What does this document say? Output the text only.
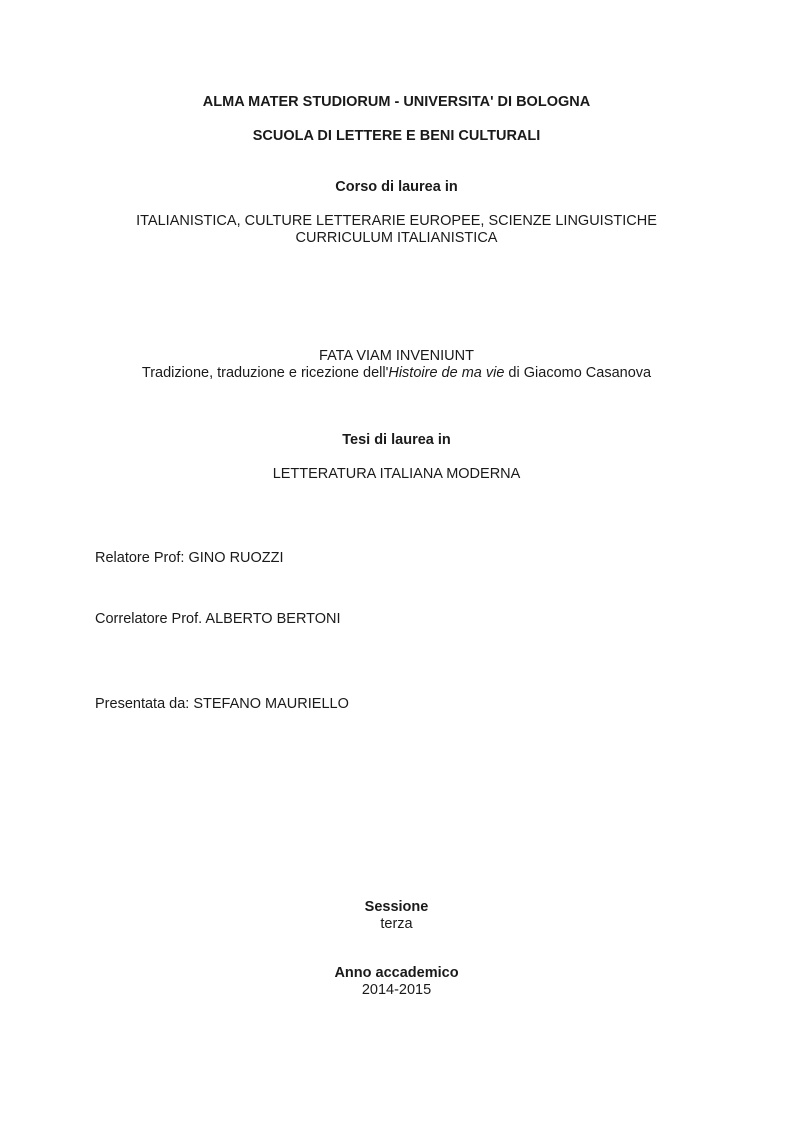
ALMA MATER STUDIORUM - UNIVERSITA' DI BOLOGNA
SCUOLA DI LETTERE E BENI CULTURALI
Corso di laurea in
ITALIANISTICA, CULTURE LETTERARIE EUROPEE, SCIENZE LINGUISTICHE
CURRICULUM ITALIANISTICA
FATA VIAM INVENIUNT
Tradizione, traduzione e ricezione dell'Histoire de ma vie di Giacomo Casanova
Tesi di laurea in
LETTERATURA ITALIANA MODERNA
Relatore Prof: GINO RUOZZI
Correlatore Prof. ALBERTO BERTONI
Presentata da: STEFANO MAURIELLO
Sessione
terza
Anno accademico
2014-2015
